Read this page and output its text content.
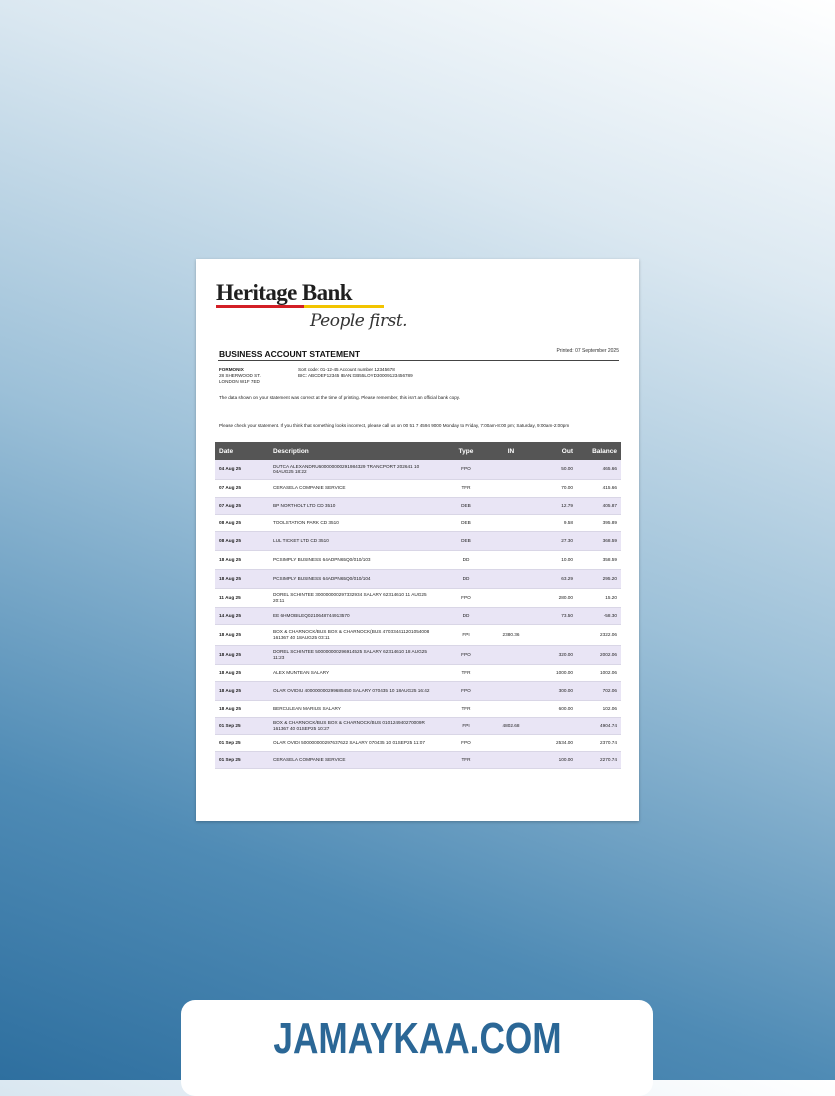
Heritage Bank
People first.
BUSINESS ACCOUNT STATEMENT	Printed: 07 September 2025
FORMONIX
28 SHERWOOD ST.
LONDON W1F 7ED
Sort code: 01-12-45 Account number 12345678
BIC: ABCDEF12345 IBAN:GB55LOYD30009123456789
The data shown on your statement was correct at the time of printing. Please remember, this isn't an official bank copy.
Please check your statement. If you think that something looks incorrect, please call us on 00 51 7 4594 9000 Monday to Friday, 7:00am-8:00 pm; Saturday, 9:00am-2:00pm
Date	Description	Type	IN	Out	Balance
04 Aug 25	DUTCA ALEXANDRU600000000291984329 TRANCPORT 202641 10 04AUG25 18:22	FPO		50.00	465.66
07 Aug 25	CERASELA COMPANIE SERVICE	TFR		70.00	415.66
07 Aug 25	BP NORTHOLT LTD CD 3510	DEB		12.79	405.87
08 Aug 25	TOOLSTATION PARK CD 3510	DEB		9.58	395.89
08 Aug 25	LUL TICKET LTD CD 3510	DEB		27.30	368.59
18 Aug 25	PCSIMPLY BUSINESS 64ADPN65Q0/010/103	DD		10.00	358.59
18 Aug 25	PCSIMPLY BUSINESS 64ADPN65Q0/010/104	DD		63.29	295.20
11 Aug 25	DOREL SCHINTEE 300000000297332934 SALARY 62314610 11 AUG25 20:11	FPO		280.00	15.20
14 Aug 25	EE 6HMOBILEQ0210648744913570	DD		73.50	-58.30
18 Aug 25	BOX & CHARNOCK/BUS BOX & CHARNOCK(BUS 470334411201054008 161367 40 18AUG25 03:11	FPI	2380.36		2322.06
18 Aug 25	DOREL SCHINTEE 500000000296914525 SALARY 62314610 18 AUG25 11:23	FPO		320.00	2002.06
18 Aug 25	ALEX MUNTEAN SALARY	TFR		1000.00	1002.06
18 Aug 25	OLAR OVIDIU 400000000299685450 SALARY 070435 10 18AUG25 16:42	FPO		300.00	702.06
18 Aug 25	BERCULEAN MARIUS SALARY	TFR		600.00	102.06
01 Sep 25	BOX & CHARNOCK/BUS BOX & CHARNOCK/BUS 010124940270009R 161367 40 01SEP25 10:27	FPI	4802.68		4904.74
01 Sep 25	OLAR OVIDI 500000000297637622 SALARY 070435 10 01SEP25 11:07	FPO		2534.00	2370.74
01 Sep 25	CERASELA COMPANIE SERVICE	TFR		100.00	2270.74
JAMAYKAA.COM
